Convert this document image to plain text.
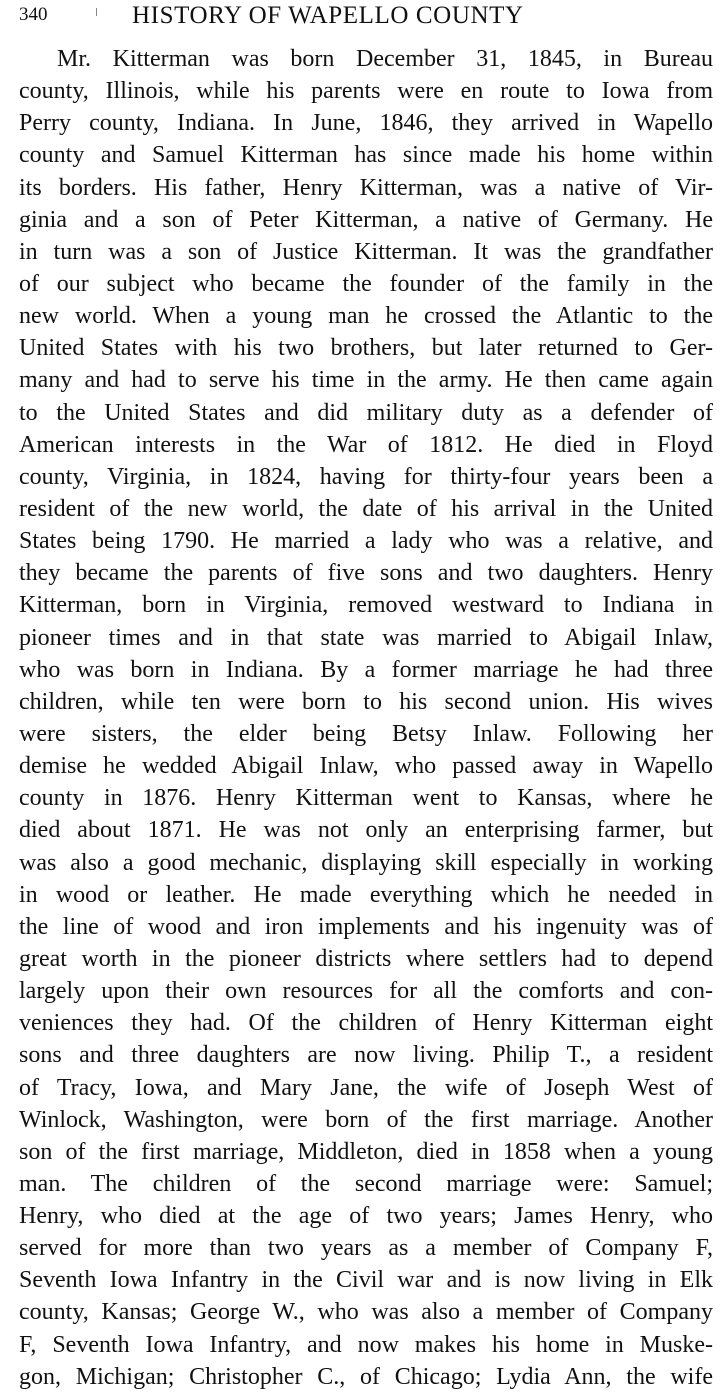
340	HISTORY OF WAPELLO COUNTY
Mr. Kitterman was born December 31, 1845, in Bureau
county, Illinois, while his parents were en route to Iowa from
Perry county, Indiana. In June, 1846, they arrived in Wapello
county and Samuel Kitterman has since made his home within
its borders. His father, Henry Kitterman, was a native of Vir-
ginia and a son of Peter Kitterman, a native of Germany. He
in turn was a son of Justice Kitterman. It was the grandfather
of our subject who became the founder of the family in the
new world. When a young man he crossed the Atlantic to the
United States with his two brothers, but later returned to Ger-
many and had to serve his time in the army. He then came again
to the United States and did military duty as a defender of
American interests in the War of 1812. He died in Floyd
county, Virginia, in 1824, having for thirty-four years been a
resident of the new world, the date of his arrival in the United
States being 1790. He married a lady who was a relative, and
they became the parents of five sons and two daughters. Henry
Kitterman, born in Virginia, removed westward to Indiana in
pioneer times and in that state was married to Abigail Inlaw,
who was born in Indiana. By a former marriage he had three
children, while ten were born to his second union. His wives
were sisters, the elder being Betsy Inlaw. Following her
demise he wedded Abigail Inlaw, who passed away in Wapello
county in 1876. Henry Kitterman went to Kansas, where he
died about 1871. He was not only an enterprising farmer, but
was also a good mechanic, displaying skill especially in working
in wood or leather. He made everything which he needed in
the line of wood and iron implements and his ingenuity was of
great worth in the pioneer districts where settlers had to depend
largely upon their own resources for all the comforts and con-
veniences they had. Of the children of Henry Kitterman eight
sons and three daughters are now living. Philip T., a resident
of Tracy, Iowa, and Mary Jane, the wife of Joseph West of
Winlock, Washington, were born of the first marriage. Another
son of the first marriage, Middleton, died in 1858 when a young
man. The children of the second marriage were: Samuel;
Henry, who died at the age of two years; James Henry, who
served for more than two years as a member of Company F,
Seventh Iowa Infantry in the Civil war and is now living in Elk
county, Kansas; George W., who was also a member of Company
F, Seventh Iowa Infantry, and now makes his home in Muske-
gon, Michigan; Christopher C., of Chicago; Lydia Ann, the wife
